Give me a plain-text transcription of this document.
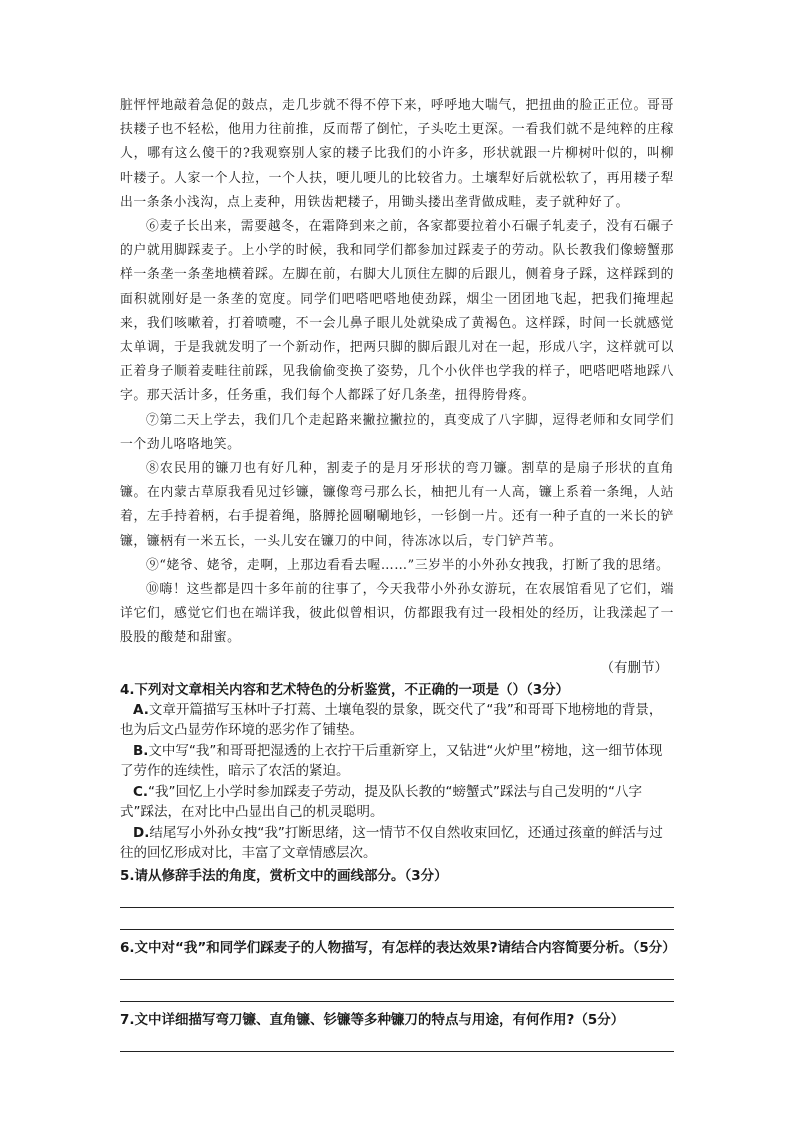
脏怦怦地敲着急促的鼓点，走几步就不得不停下来，呼呼地大喘气，把扭曲的脸正正位。哥哥扶耧子也不轻松，他用力往前推，反而帮了倒忙，子头吃土更深。一看我们就不是纯粹的庄稼人，哪有这么傻干的?我观察别人家的耧子比我们的小许多，形状就跟一片柳树叶似的，叫柳叶耧子。人家一个人拉，一个人扶，哽儿哽儿的比较省力。土壤犁好后就松软了，再用耧子犁出一条条小浅沟，点上麦种，用铁齿耙耧子，用锄头搂出垄背做成畦，麦子就种好了。

⑥麦子长出来，需要越冬，在霜降到来之前，各家都要拉着小石碾子轧麦子，没有石碾子的户就用脚踩麦子。上小学的时候，我和同学们都参加过踩麦子的劳动。队长教我们像螃蟹那样一条垄一条垄地横着踩。左脚在前，右脚大儿顶住左脚的后跟儿，侧着身子踩，这样踩到的面积就刚好是一条垄的宽度。同学们吧嗒吧嗒地使劲踩，烟尘一团团地飞起，把我们掩埋起来，我们咳嗽着，打着喷嚏，不一会儿鼻子眼儿处就染成了黄褐色。这样踩，时间一长就感觉太单调，于是我就发明了一个新动作，把两只脚的脚后跟儿对在一起，形成八字，这样就可以正着身子顺着麦畦往前踩，见我偷偷变换了姿势，几个小伙伴也学我的样子，吧嗒吧嗒地踩八字。那天活计多，任务重，我们每个人都踩了好几条垄，扭得胯骨疼。

⑦第二天上学去，我们几个走起路来撇拉撇拉的，真变成了八字脚，逗得老师和女同学们一个劲儿咯咯地笑。

⑧农民用的镰刀也有好几种，割麦子的是月牙形状的弯刀镰。割草的是扇子形状的直角镰。在内蒙古草原我看见过钐镰，镰像弯弓那么长，柚把儿有一人高，镰上系着一条绳，人站着，左手持着柄，右手提着绳，胳膊抡圆唰唰地钐，一钐倒一片。还有一种子直的一米长的铲镰，镰柄有一米五长，一头儿安在镰刀的中间，待冻冰以后，专门铲芦苇。

⑨“姥爷、姥爷，走啊，上那边看看去喔……”三岁半的小外孙女拽我，打断了我的思绪。

⑩嗨！这些都是四十多年前的往事了，今天我带小外孙女游玩，在农展馆看见了它们，端详它们，感觉它们也在端详我，彼此似曾相识，仿都跟我有过一段相处的经历，让我漾起了一股股的酸楚和甜蜜。

（有删节）

4.下列对文章相关内容和艺术特色的分析鉴赏，不正确的一项是（）（3分）

A.文章开篇描写玉林叶子打蔫、土壤龟裂的景象，既交代了“我”和哥哥下地榜地的背景，也为后文凸显劳作环境的恶劣作了铺垫。

B.文中写“我”和哥哥把湿透的上衣拧干后重新穿上，又钻进“火炉里”榜地，这一细节体现了劳作的连续性，暗示了农活的紧迫。

C.“我”回忆上小学时参加踩麦子劳动，提及队长教的“螃蟹式”踩法与自己发明的“八字式”踩法，在对比中凸显出自己的机灵聪明。

D.结尾写小外孙女拽“我”打断思绪，这一情节不仅自然收束回忆，还通过孩童的鲜活与过往的回忆形成对比，丰富了文章情感层次。

5.请从修辞手法的角度，赏析文中的画线部分。（3分）

6.文中对“我”和同学们踩麦子的人物描写，有怎样的表达效果?请结合内容简要分析。（5分）

7.文中详细描写弯刀镰、直角镰、钐镰等多种镰刀的特点与用途，有何作用?（5分）
